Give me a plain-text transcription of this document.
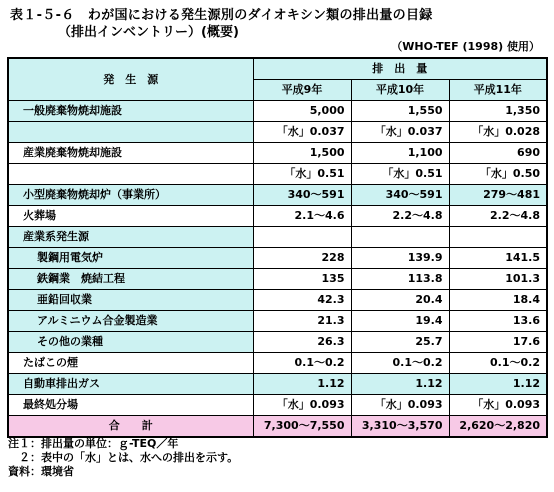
表１-５-６　わが国における発生源別のダイオキシン類の排出量の目録
（排出インベントリー）(概要)
（WHO-TEF (1998) 使用）
発　生　源	排　出　量		
	平成9年	平成10年	平成11年
一般廃棄物焼却施設	5,000	1,550	1,350
	「水」0.037	「水」0.037	「水」0.028
産業廃棄物焼却施設	1,500	1,100	690
	「水」0.51	「水」0.51	「水」0.50
小型廃棄物焼却炉（事業所）	340～591	340～591	279～481
火葬場	2.1～4.6	2.2～4.8	2.2～4.8
産業系発生源			
製鋼用電気炉	228	139.9	141.5
鉄鋼業　焼結工程	135	113.8	101.3
亜鉛回収業	42.3	20.4	18.4
アルミニウム合金製造業	21.3	19.4	13.6
その他の業種	26.3	25.7	17.6
たばこの煙	0.1～0.2	0.1～0.2	0.1～0.2
自動車排出ガス	1.12	1.12	1.12
最終処分場	「水」0.093	「水」0.093	「水」0.093
合　　計	7,300～7,550	3,310～3,570	2,620～2,820
注１：排出量の単位：ｇ-TEQ／年
　２：表中の「水」とは、水への排出を示す。
資料：環境省
